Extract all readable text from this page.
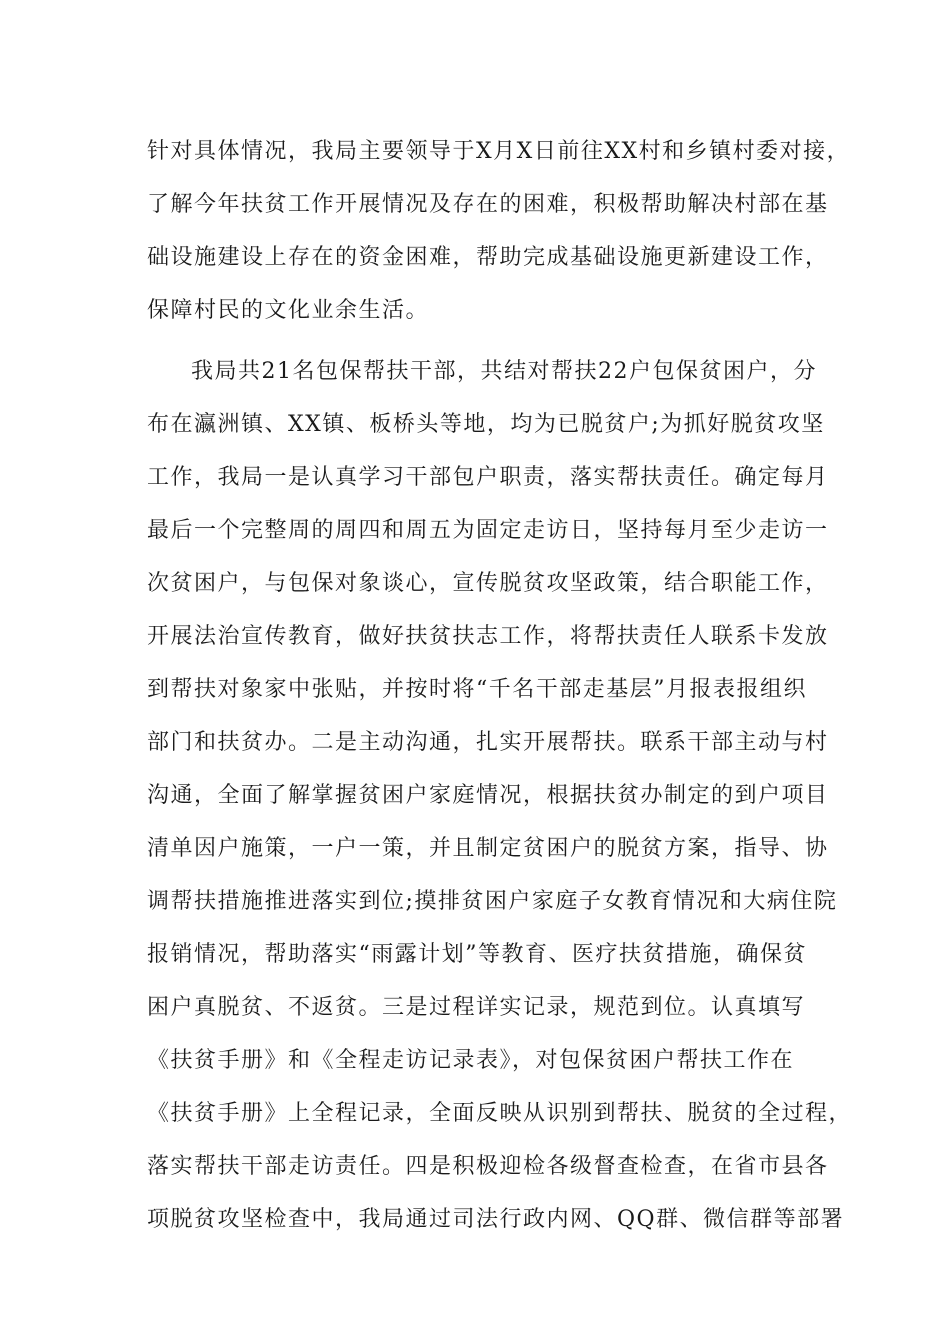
针对具体情况，我局主要领导于X月X日前往XX村和乡镇村委对接，
了解今年扶贫工作开展情况及存在的困难，积极帮助解决村部在基
础设施建设上存在的资金困难，帮助完成基础设施更新建设工作，
保障村民的文化业余生活。
我局共21名包保帮扶干部，共结对帮扶22户包保贫困户，分
布在瀛洲镇、XX镇、板桥头等地，均为已脱贫户;为抓好脱贫攻坚
工作，我局一是认真学习干部包户职责，落实帮扶责任。确定每月
最后一个完整周的周四和周五为固定走访日，坚持每月至少走访一
次贫困户，与包保对象谈心，宣传脱贫攻坚政策，结合职能工作，
开展法治宣传教育，做好扶贫扶志工作，将帮扶责任人联系卡发放
到帮扶对象家中张贴，并按时将“千名干部走基层”月报表报组织
部门和扶贫办。二是主动沟通，扎实开展帮扶。联系干部主动与村
沟通，全面了解掌握贫困户家庭情况，根据扶贫办制定的到户项目
清单因户施策，一户一策，并且制定贫困户的脱贫方案，指导、协
调帮扶措施推进落实到位;摸排贫困户家庭子女教育情况和大病住院
报销情况，帮助落实“雨露计划”等教育、医疗扶贫措施，确保贫
困户真脱贫、不返贫。三是过程详实记录，规范到位。认真填写
《扶贫手册》和《全程走访记录表》，对包保贫困户帮扶工作在
《扶贫手册》上全程记录，全面反映从识别到帮扶、脱贫的全过程，
落实帮扶干部走访责任。四是积极迎检各级督查检查，在省市县各
项脱贫攻坚检查中，我局通过司法行政内网、QQ群、微信群等部署
